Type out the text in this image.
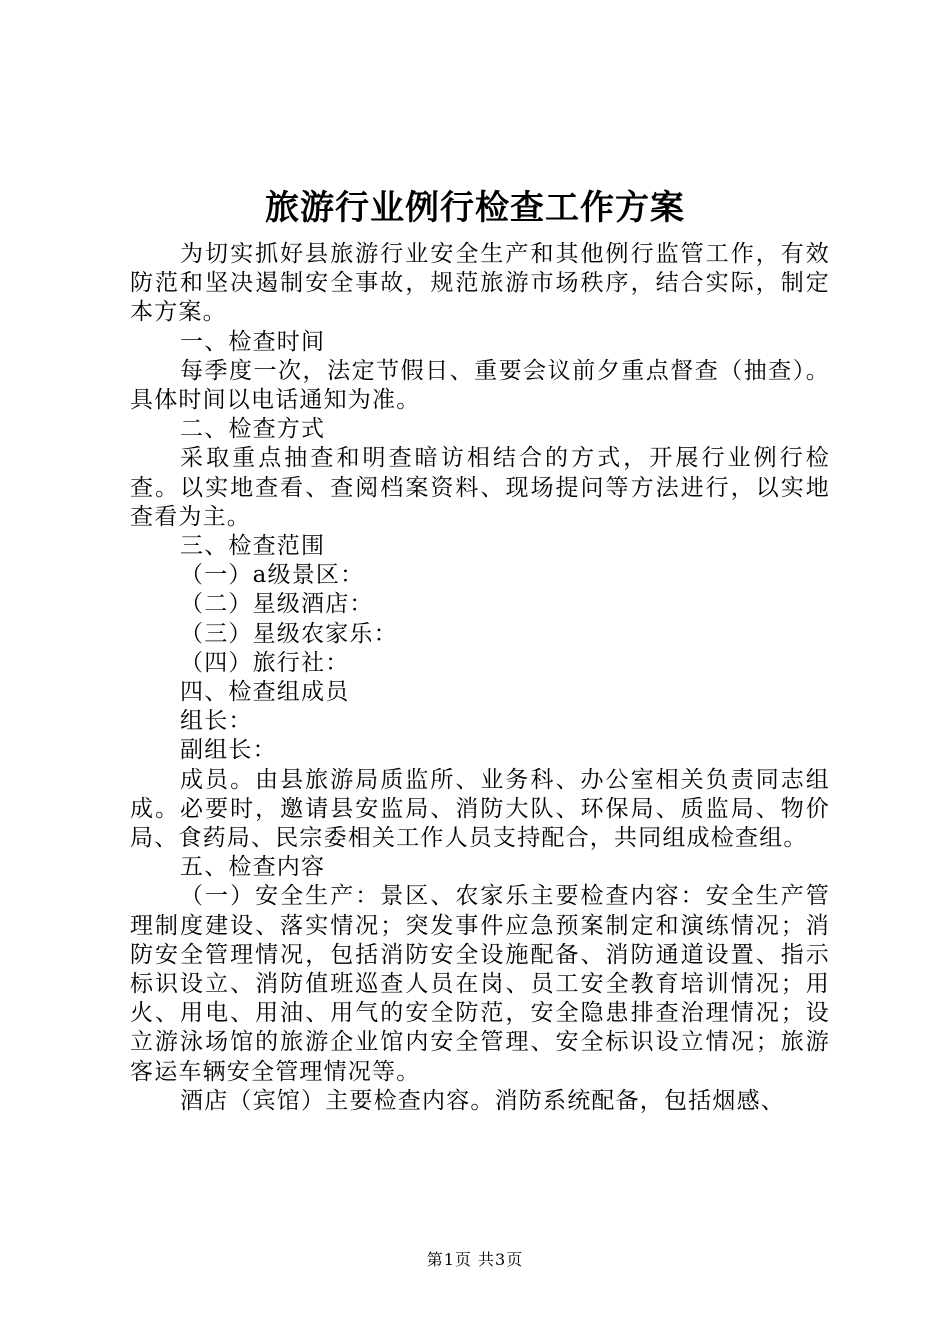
旅游行业例行检查工作方案

为切实抓好县旅游行业安全生产和其他例行监管工作，有效防范和坚决遏制安全事故，规范旅游市场秩序，结合实际，制定本方案。

一、检查时间

每季度一次，法定节假日、重要会议前夕重点督查（抽查）。具体时间以电话通知为准。

二、检查方式

采取重点抽查和明查暗访相结合的方式，开展行业例行检查。以实地查看、查阅档案资料、现场提问等方法进行，以实地查看为主。

三、检查范围

（一）a级景区：

（二）星级酒店：

（三）星级农家乐：

（四）旅行社：

四、检查组成员

组长：

副组长：

成员。由县旅游局质监所、业务科、办公室相关负责同志组成。必要时，邀请县安监局、消防大队、环保局、质监局、物价局、食药局、民宗委相关工作人员支持配合，共同组成检查组。

五、检查内容

（一）安全生产：景区、农家乐主要检查内容：安全生产管理制度建设、落实情况；突发事件应急预案制定和演练情况；消防安全管理情况，包括消防安全设施配备、消防通道设置、指示标识设立、消防值班巡查人员在岗、员工安全教育培训情况；用火、用电、用油、用气的安全防范，安全隐患排查治理情况；设立游泳场馆的旅游企业馆内安全管理、安全标识设立情况；旅游客运车辆安全管理情况等。

酒店（宾馆）主要检查内容。消防系统配备，包括烟感、

第1页 共3页
